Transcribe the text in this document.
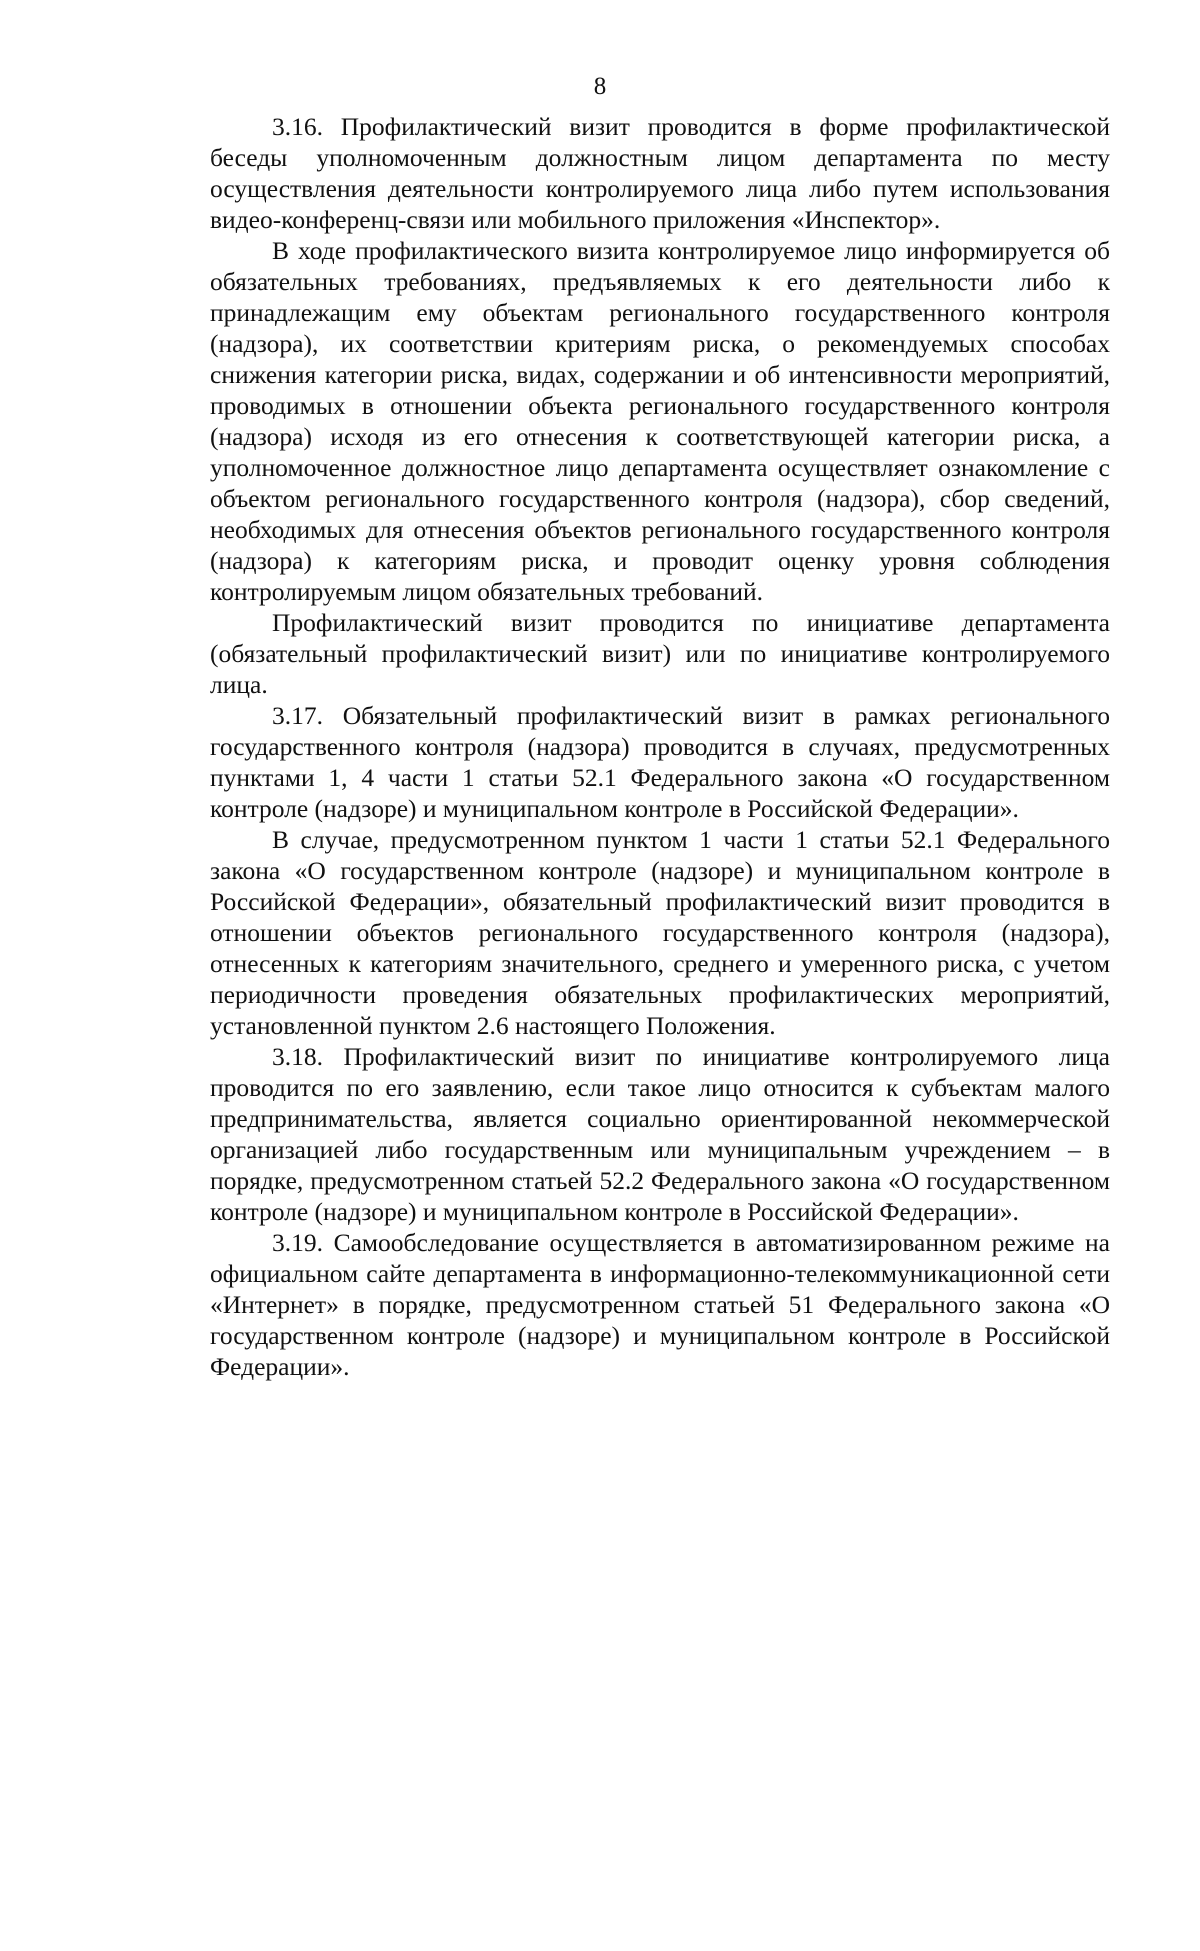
8

3.16. Профилактический визит проводится в форме профилактической беседы уполномоченным должностным лицом департамента по месту осуществления деятельности контролируемого лица либо путем использования видео-конференц-связи или мобильного приложения «Инспектор».

В ходе профилактического визита контролируемое лицо информируется об обязательных требованиях, предъявляемых к его деятельности либо к принадлежащим ему объектам регионального государственного контроля (надзора), их соответствии критериям риска, о рекомендуемых способах снижения категории риска, видах, содержании и об интенсивности мероприятий, проводимых в отношении объекта регионального государственного контроля (надзора) исходя из его отнесения к соответствующей категории риска, а уполномоченное должностное лицо департамента осуществляет ознакомление с объектом регионального государственного контроля (надзора), сбор сведений, необходимых для отнесения объектов регионального государственного контроля (надзора) к категориям риска, и проводит оценку уровня соблюдения контролируемым лицом обязательных требований.

Профилактический визит проводится по инициативе департамента (обязательный профилактический визит) или по инициативе контролируемого лица.

3.17. Обязательный профилактический визит в рамках регионального государственного контроля (надзора) проводится в случаях, предусмотренных пунктами 1, 4 части 1 статьи 52.1 Федерального закона «О государственном контроле (надзоре) и муниципальном контроле в Российской Федерации».

В случае, предусмотренном пунктом 1 части 1 статьи 52.1 Федерального закона «О государственном контроле (надзоре) и муниципальном контроле в Российской Федерации», обязательный профилактический визит проводится в отношении объектов регионального государственного контроля (надзора), отнесенных к категориям значительного, среднего и умеренного риска, с учетом периодичности проведения обязательных профилактических мероприятий, установленной пунктом 2.6 настоящего Положения.

3.18. Профилактический визит по инициативе контролируемого лица проводится по его заявлению, если такое лицо относится к субъектам малого предпринимательства, является социально ориентированной некоммерческой организацией либо государственным или муниципальным учреждением – в порядке, предусмотренном статьей 52.2 Федерального закона «О государственном контроле (надзоре) и муниципальном контроле в Российской Федерации».

3.19. Самообследование осуществляется в автоматизированном режиме на официальном сайте департамента в информационно-телекоммуникационной сети «Интернет» в порядке, предусмотренном статьей 51 Федерального закона «О государственном контроле (надзоре) и муниципальном контроле в Российской Федерации».
